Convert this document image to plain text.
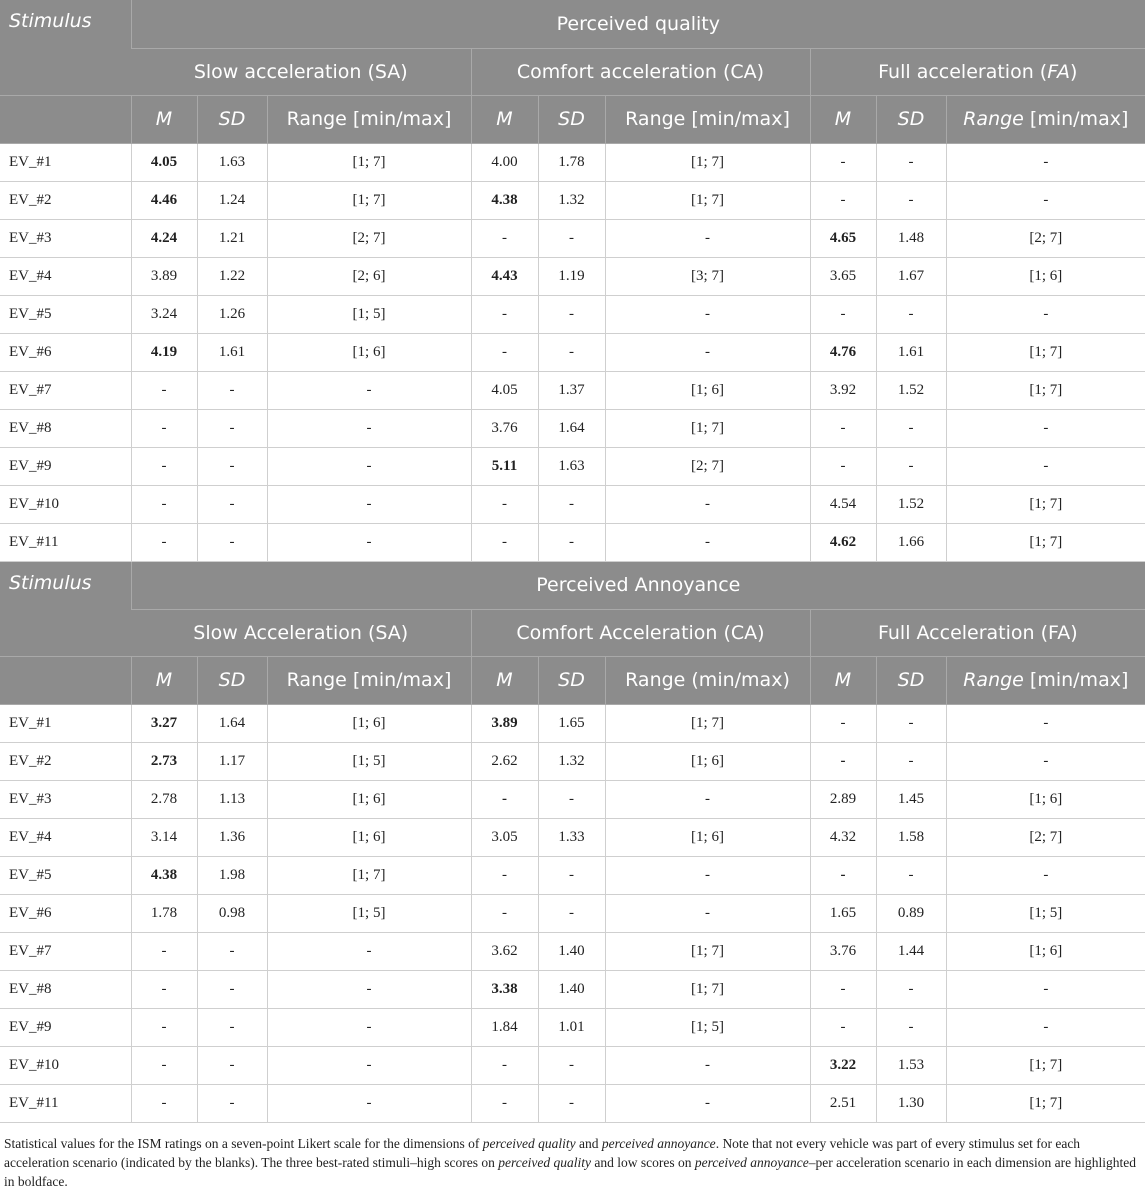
Stimulus	Perceived quality								
	Slow acceleration (SA)			Comfort acceleration (CA)			Full acceleration (FA)		
	M	SD	Range [min/max]	M	SD	Range [min/max]	M	SD	Range [min/max]
EV_#1	4.05	1.63	[1; 7]	4.00	1.78	[1; 7]	-	-	-
EV_#2	4.46	1.24	[1; 7]	4.38	1.32	[1; 7]	-	-	-
EV_#3	4.24	1.21	[2; 7]	-	-	-	4.65	1.48	[2; 7]
EV_#4	3.89	1.22	[2; 6]	4.43	1.19	[3; 7]	3.65	1.67	[1; 6]
EV_#5	3.24	1.26	[1; 5]	-	-	-	-	-	-
EV_#6	4.19	1.61	[1; 6]	-	-	-	4.76	1.61	[1; 7]
EV_#7	-	-	-	4.05	1.37	[1; 6]	3.92	1.52	[1; 7]
EV_#8	-	-	-	3.76	1.64	[1; 7]	-	-	-
EV_#9	-	-	-	5.11	1.63	[2; 7]	-	-	-
EV_#10	-	-	-	-	-	-	4.54	1.52	[1; 7]
EV_#11	-	-	-	-	-	-	4.62	1.66	[1; 7]
Stimulus	Perceived Annoyance								
	Slow Acceleration (SA)			Comfort Acceleration (CA)			Full Acceleration (FA)		
	M	SD	Range [min/max]	M	SD	Range (min/max)	M	SD	Range [min/max]
EV_#1	3.27	1.64	[1; 6]	3.89	1.65	[1; 7]	-	-	-
EV_#2	2.73	1.17	[1; 5]	2.62	1.32	[1; 6]	-	-	-
EV_#3	2.78	1.13	[1; 6]	-	-	-	2.89	1.45	[1; 6]
EV_#4	3.14	1.36	[1; 6]	3.05	1.33	[1; 6]	4.32	1.58	[2; 7]
EV_#5	4.38	1.98	[1; 7]	-	-	-	-	-	-
EV_#6	1.78	0.98	[1; 5]	-	-	-	1.65	0.89	[1; 5]
EV_#7	-	-	-	3.62	1.40	[1; 7]	3.76	1.44	[1; 6]
EV_#8	-	-	-	3.38	1.40	[1; 7]	-	-	-
EV_#9	-	-	-	1.84	1.01	[1; 5]	-	-	-
EV_#10	-	-	-	-	-	-	3.22	1.53	[1; 7]
EV_#11	-	-	-	-	-	-	2.51	1.30	[1; 7]
Statistical values for the ISM ratings on a seven-point Likert scale for the dimensions of perceived quality and perceived annoyance. Note that not every vehicle was part of every stimulus set for each acceleration scenario (indicated by the blanks). The three best-rated stimuli–high scores on perceived quality and low scores on perceived annoyance–per acceleration scenario in each dimension are highlighted in boldface.
